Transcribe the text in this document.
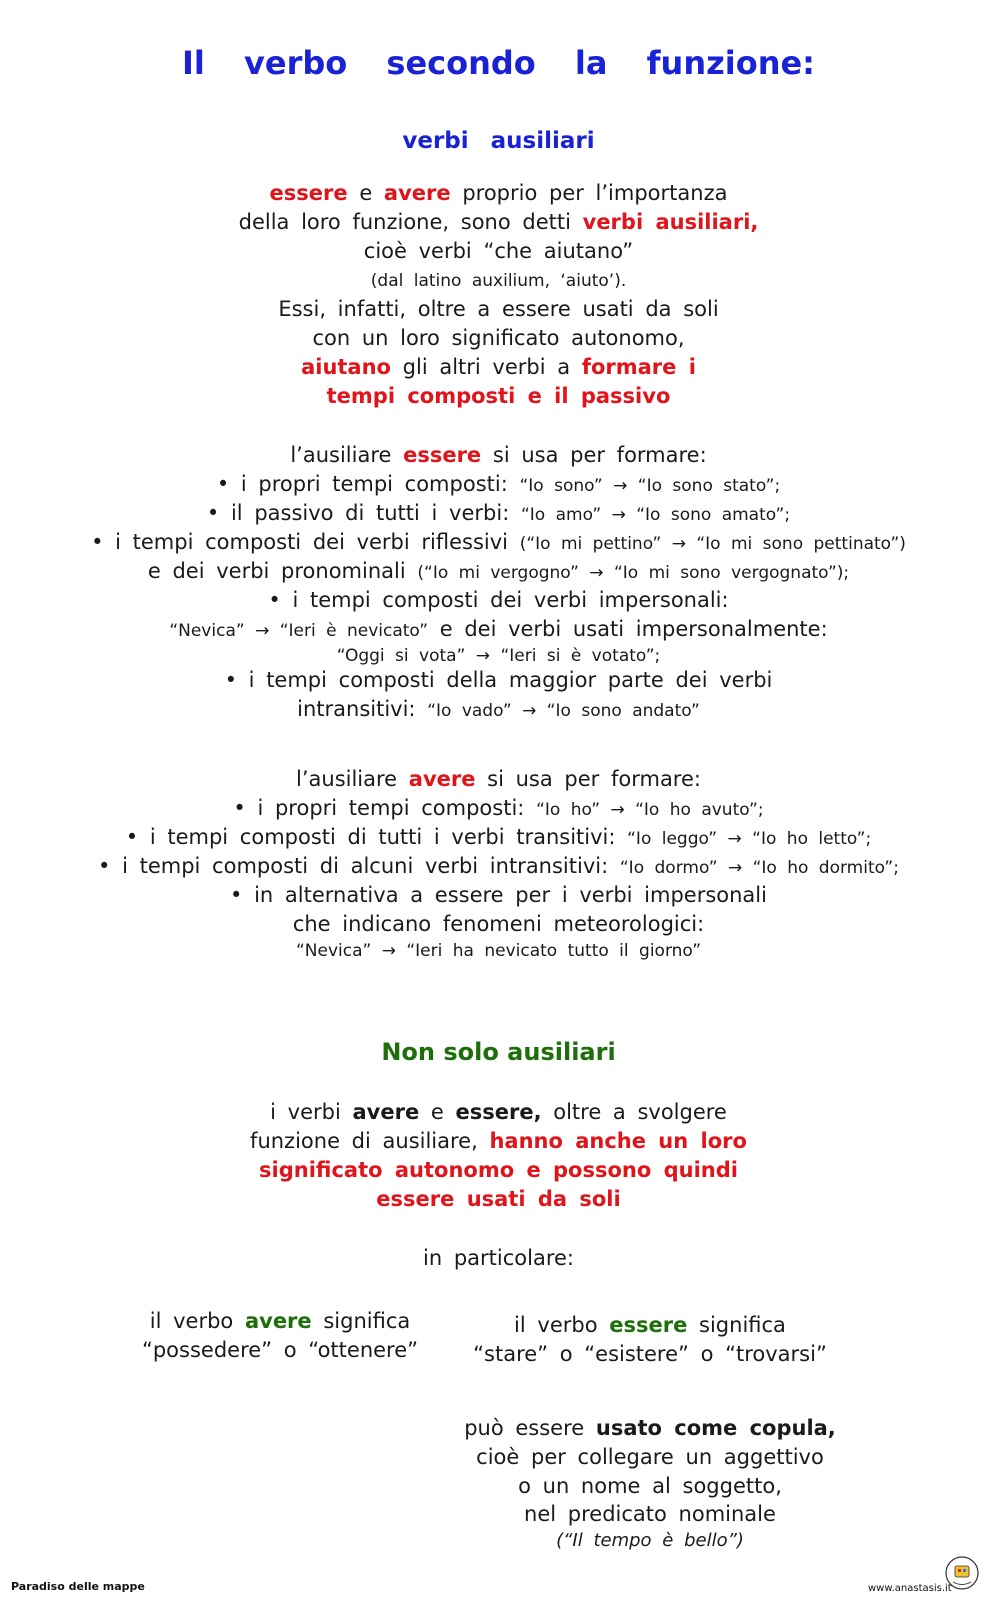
Il verbo secondo la funzione:
verbi ausiliari
essere e avere proprio per l’importanza
della loro funzione, sono detti verbi ausiliari,
cioè verbi “che aiutano”
(dal latino auxilium, ‘aiuto’).
Essi, infatti, oltre a essere usati da soli
con un loro significato autonomo,
aiutano gli altri verbi a formare i
tempi composti e il passivo
l’ausiliare essere si usa per formare:
• i propri tempi composti: “Io sono” → “Io sono stato”;
• il passivo di tutti i verbi: “Io amo” → “Io sono amato”;
• i tempi composti dei verbi riflessivi (“Io mi pettino” → “Io mi sono pettinato”)
e dei verbi pronominali (“Io mi vergogno” → “Io mi sono vergognato”);
• i tempi composti dei verbi impersonali:
“Nevica” → “Ieri è nevicato” e dei verbi usati impersonalmente:
“Oggi si vota” → “Ieri si è votato”;
• i tempi composti della maggior parte dei verbi
intransitivi: “Io vado” → “Io sono andato”
l’ausiliare avere si usa per formare:
• i propri tempi composti: “Io ho” → “Io ho avuto”;
• i tempi composti di tutti i verbi transitivi: “Io leggo” → “Io ho letto”;
• i tempi composti di alcuni verbi intransitivi: “Io dormo” → “Io ho dormito”;
• in alternativa a essere per i verbi impersonali
che indicano fenomeni meteorologici:
“Nevica” → “Ieri ha nevicato tutto il giorno”
Non solo ausiliari
i verbi avere e essere, oltre a svolgere
funzione di ausiliare, hanno anche un loro
significato autonomo e possono quindi
essere usati da soli
in particolare:
il verbo avere significa
“possedere” o “ottenere”
il verbo essere significa
“stare” o “esistere” o “trovarsi”
può essere usato come copula,
cioè per collegare un aggettivo
o un nome al soggetto,
nel predicato nominale
(“Il tempo è bello”)
Paradiso delle mappe	www.anastasis.it
